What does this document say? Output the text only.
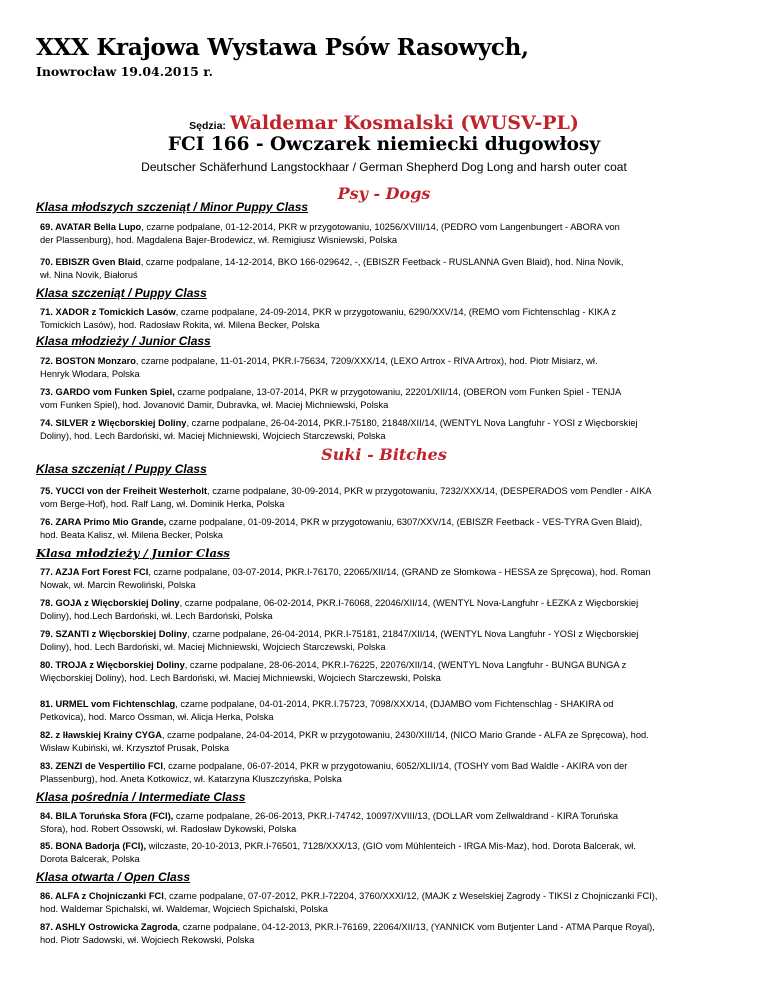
XXX Krajowa Wystawa Psów Rasowych,
Inowrocław 19.04.2015 r.
Sędzia: Waldemar Kosmalski (WUSV-PL)
FCI 166 - Owczarek niemiecki długowłosy
Deutscher Schäferhund Langstockhaar / German Shepherd Dog Long and harsh outer coat
Psy - Dogs
Klasa młodszych szczeniąt / Minor Puppy Class
69. AVATAR Bella Lupo, czarne podpalane, 01-12-2014, PKR w przygotowaniu, 10256/XVIII/14, (PEDRO vom Langenbungert - ABORA von
der Plassenburg), hod. Magdalena Bajer-Brodewicz, wł. Remigiusz Wisniewski, Polska
70. EBISZR Gven Blaid, czarne podpalane, 14-12-2014, BKO 166-029642, -, (EBISZR Feetback - RUSLANNA Gven Blaid), hod. Nina Novik,
wł. Nina Novik, Białoruś
Klasa szczeniąt / Puppy Class
71. XADOR z Tomickich Lasów, czarne podpalane, 24-09-2014, PKR w przygotowaniu, 6290/XXV/14, (REMO vom Fichtenschlag - KIKA z
Tomickich Lasów), hod. Radosław Rokita, wł. Milena Becker, Polska
Klasa młodzieży / Junior Class
72. BOSTON Monzaro, czarne podpalane, 11-01-2014, PKR.I-75634, 7209/XXX/14, (LEXO Artrox - RIVA Artrox), hod. Piotr Misiarz, wł.
Henryk Włodara, Polska
73. GARDO vom Funken Spiel, czarne podpalane, 13-07-2014, PKR w przygotowaniu, 22201/XII/14, (OBERON vom Funken Spiel - TENJA
vom Funken Spiel), hod. Jovanović Damir, Dubravka, wł. Maciej Michniewski, Polska
74. SILVER z Więcborskiej Doliny, czarne podpalane, 26-04-2014, PKR.I-75180, 21848/XII/14, (WENTYL Nova Langfuhr - YOSI z Więcborskiej
Doliny), hod. Lech Bardoński, wł. Maciej Michniewski, Wojciech Starczewski, Polska
Suki - Bitches
Klasa szczeniąt / Puppy Class
75. YUCCI von der Freiheit Westerholt, czarne podpalane, 30-09-2014, PKR w przygotowaniu, 7232/XXX/14, (DESPERADOS vom Pendler - AIKA
vom Berge-Hof), hod. Ralf Lang, wł. Dominik Herka, Polska
76. ZARA Primo Mio Grande, czarne podpalane, 01-09-2014, PKR w przygotowaniu, 6307/XXV/14, (EBISZR Feetback - VES-TYRA Gven Blaid),
hod. Beata Kalisz, wł. Milena Becker, Polska
Klasa młodzieży / Junior Class
77. AZJA Fort Forest FCI, czarne podpalane, 03-07-2014, PKR.I-76170, 22065/XII/14, (GRAND ze Słomkowa - HESSA ze Spręcowa), hod. Roman
Nowak, wł. Marcin Rewoliński, Polska
78. GOJA z Więcborskiej Doliny, czarne podpalane, 06-02-2014, PKR.I-76068, 22046/XII/14, (WENTYL Nova-Langfuhr - ŁEZKA z Więcborskiej
Doliny), hod.Lech Bardoński, wł. Lech Bardoński, Polska
79. SZANTI z Więcborskiej Doliny, czarne podpalane, 26-04-2014, PKR.I-75181, 21847/XII/14, (WENTYL Nova Langfuhr - YOSI z Więcborskiej
Doliny), hod. Lech Bardoński, wł. Maciej Michniewski, Wojciech Starczewski, Polska
80. TROJA z Więcborskiej Doliny, czarne podpalane, 28-06-2014, PKR.I-76225, 22076/XII/14, (WENTYL Nova Langfuhr - BUNGA BUNGA z
Więcborskiej Doliny), hod. Lech Bardoński, wł. Maciej Michniewski, Wojciech Starczewski, Polska
81. URMEL vom Fichtenschlag, czarne podpalane, 04-01-2014, PKR.I.75723, 7098/XXX/14, (DJAMBO vom Fichtenschlag - SHAKIRA od
Petkovica), hod. Marco Ossman, wł. Alicja Herka, Polska
82. z Iławskiej Krainy CYGA, czarne podpalane, 24-04-2014, PKR w przygotowaniu, 2430/XIII/14, (NICO Mario Grande - ALFA ze Spręcowa), hod.
Wisław Kubiński, wł. Krzysztof Prusak, Polska
83. ZENZI de Vespertilio FCI, czarne podpalane, 06-07-2014, PKR w przygotowaniu, 6052/XLII/14, (TOSHY vom Bad Waldle - AKIRA von der
Plassenburg), hod. Aneta Kotkowicz, wł. Katarzyna Kluszczyńska, Polska
Klasa pośrednia / Intermediate Class
84. BILA Toruńska Sfora (FCI), czarne podpalane, 26-06-2013, PKR.I-74742, 10097/XVIII/13, (DOLLAR vom Zellwaldrand - KIRA Toruńska
Sfora), hod. Robert Ossowski, wł. Radosław Dykowski, Polska
85. BONA Badorja (FCI), wilczaste, 20-10-2013, PKR.I-76501, 7128/XXX/13, (GIO vom Mühlenteich - IRGA Mis-Maz), hod. Dorota Balcerak, wł.
Dorota Balcerak, Polska
Klasa otwarta / Open Class
86. ALFA z Chojniczanki FCI, czarne podpalane, 07-07-2012, PKR.I-72204, 3760/XXXI/12, (MAJK z Weselskiej Zagrody - TIKSI z Chojniczanki FCI),
hod. Waldemar Spichalski, wł. Waldemar, Wojciech Spichalski, Polska
87. ASHLY Ostrowicka Zagroda, czarne podpalane, 04-12-2013, PKR.I-76169, 22064/XII/13, (YANNICK vom Butjenter Land - ATMA Parque Royal),
hod. Piotr Sadowski, wł. Wojciech Rekowski, Polska
